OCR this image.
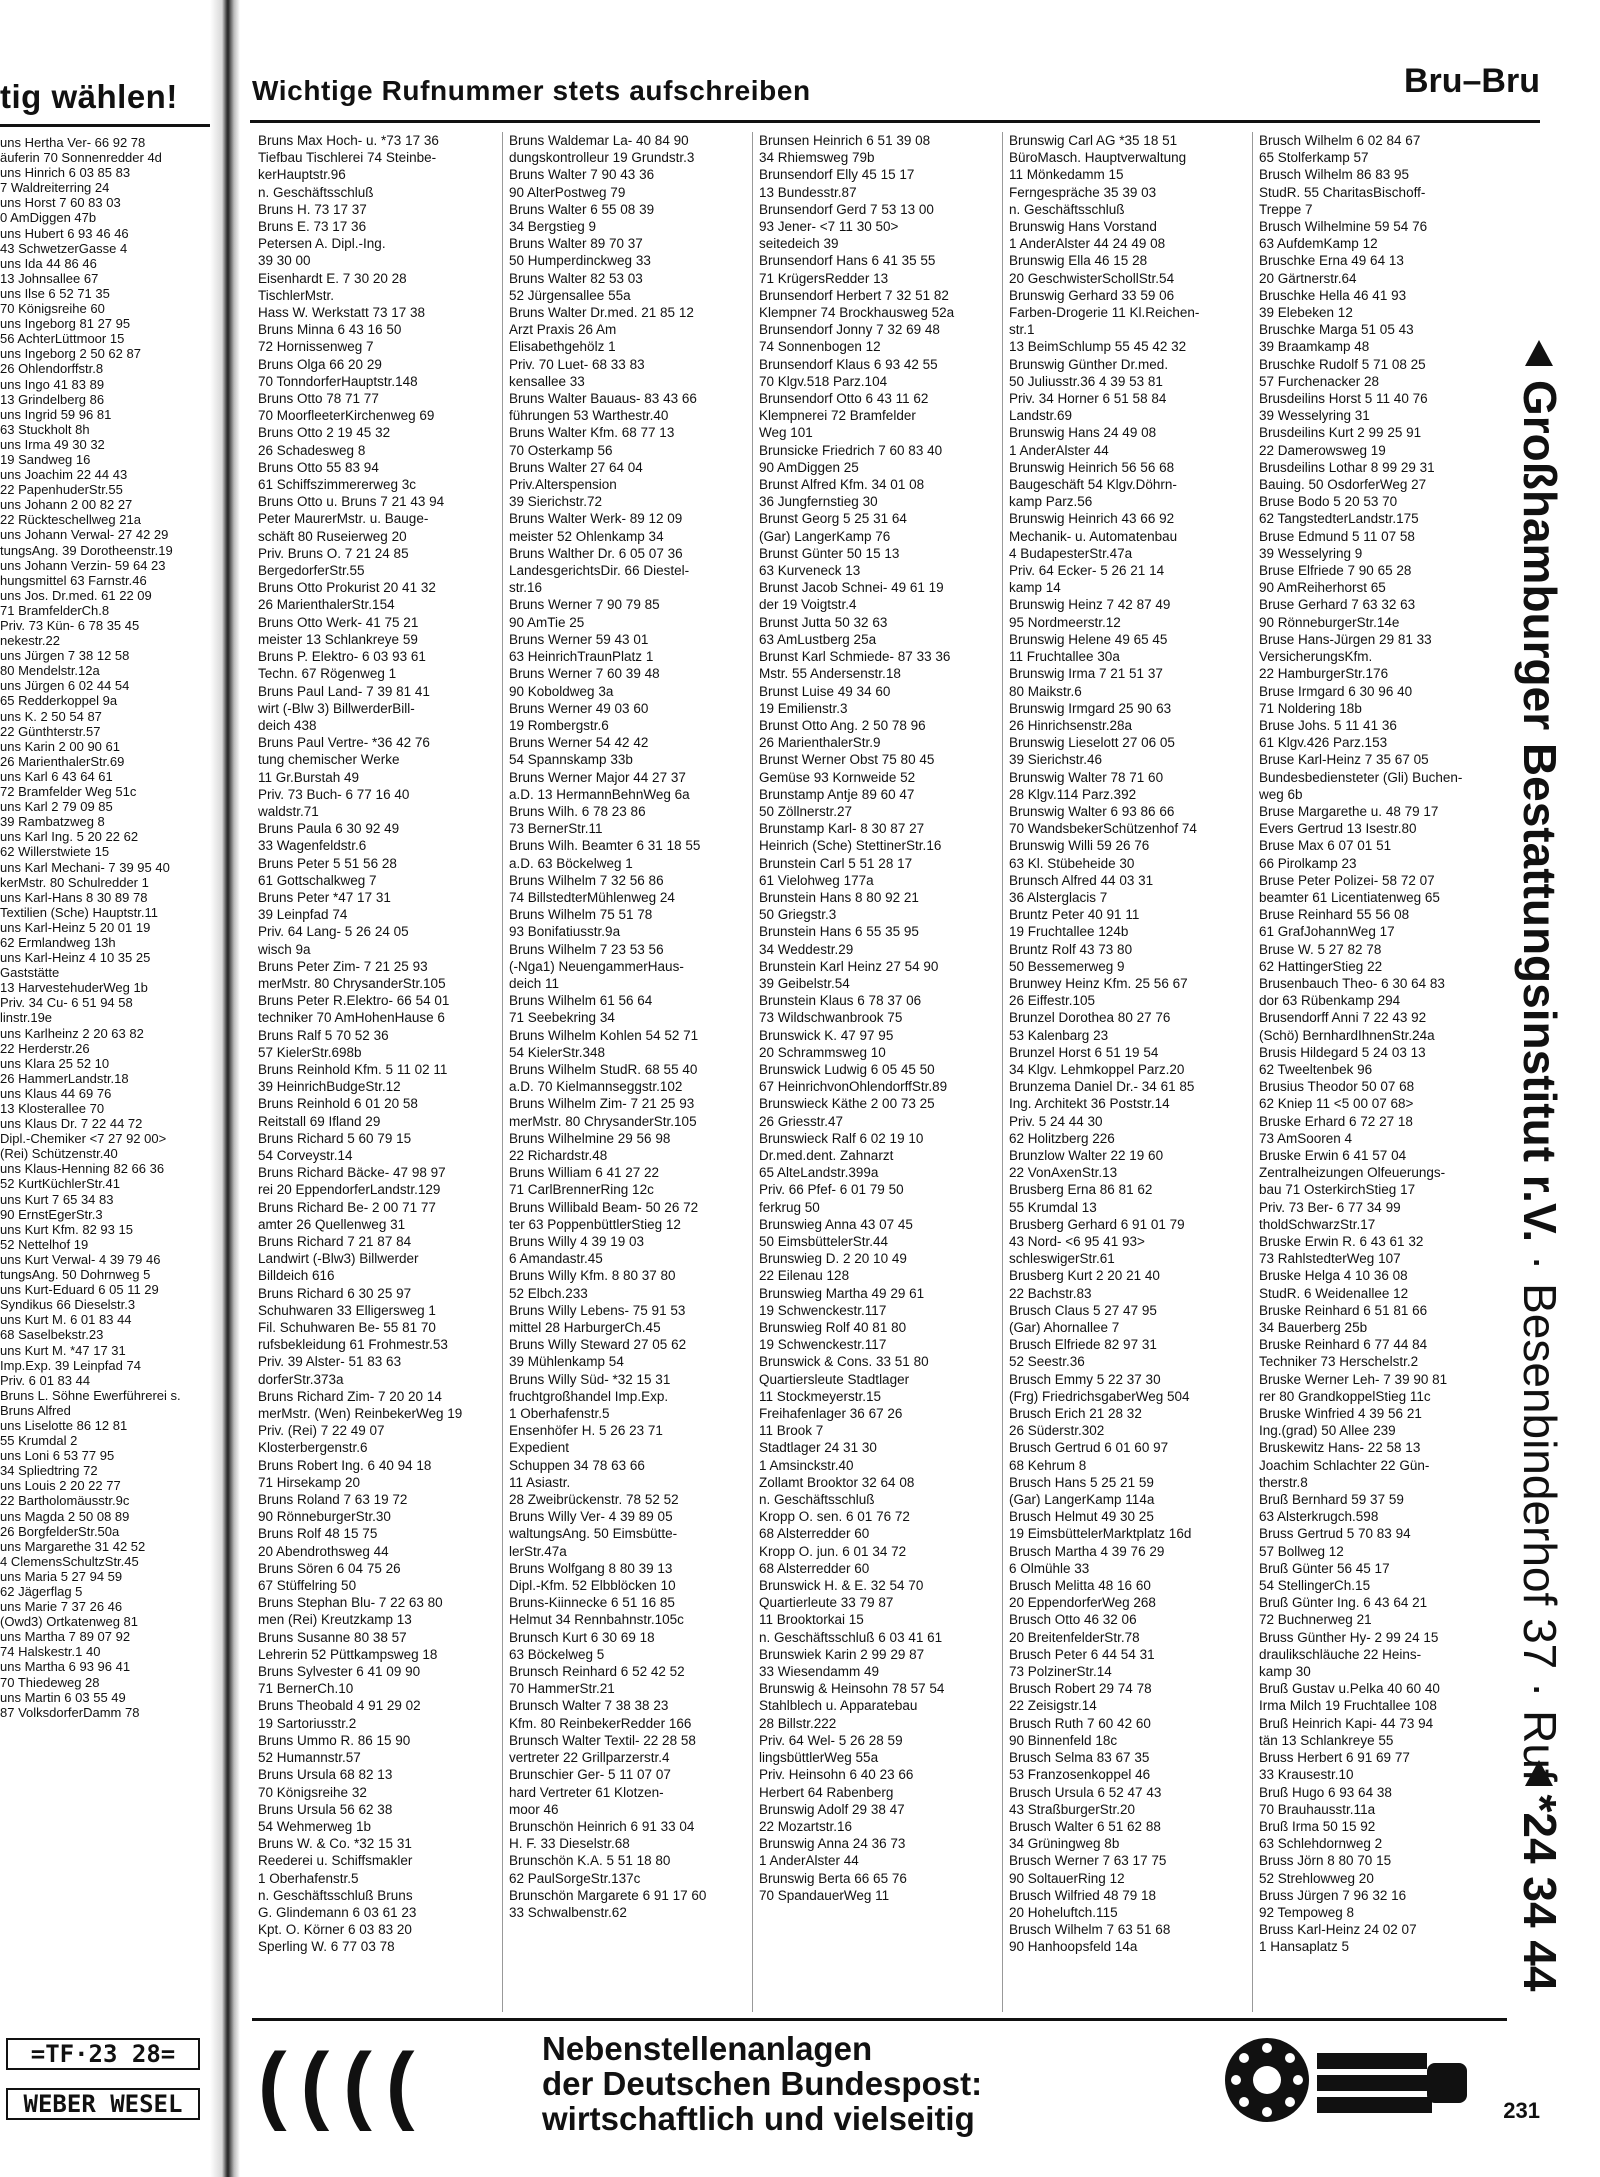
tig wählen!
uns Hertha Ver- 66 92 78
äuferin 70 Sonnenredder 4d
uns Hinrich 6 03 85 83
7 Waldreiterring 24
uns Horst 7 60 83 03
0 AmDiggen 47b
uns Hubert 6 93 46 46
43 SchwetzerGasse 4
uns Ida 44 86 46
13 Johnsallee 67
uns Ilse 6 52 71 35
70 Königsreihe 60
uns Ingeborg 81 27 95
56 AchterLüttmoor 15
uns Ingeborg 2 50 62 87
26 Ohlendorffstr.8
uns Ingo 41 83 89
13 Grindelberg 86
uns Ingrid 59 96 81
63 Stuckholt 8h
uns Irma 49 30 32
19 Sandweg 16
uns Joachim 22 44 43
22 PapenhuderStr.55
uns Johann 2 00 82 27
22 Rückteschellweg 21a
uns Johann Verwal- 27 42 29
tungsAng. 39 Dorotheenstr.19
uns Johann Verzin- 59 64 23
hungsmittel 63 Farnstr.46
uns Jos. Dr.med. 61 22 09
71 BramfelderCh.8
Priv. 73 Kün- 6 78 35 45
nekestr.22
uns Jürgen 7 38 12 58
80 Mendelstr.12a
uns Jürgen 6 02 44 54
65 Redderkoppel 9a
uns K. 2 50 54 87
22 Günthterstr.57
uns Karin 2 00 90 61
26 MarienthalerStr.69
uns Karl 6 43 64 61
72 Bramfelder Weg 51c
uns Karl 2 79 09 85
39 Rambatzweg 8
uns Karl Ing. 5 20 22 62
62 Willerstwiete 15
uns Karl Mechani- 7 39 95 40
kerMstr. 80 Schulredder 1
uns Karl-Hans 8 30 89 78
Textilien (Sche) Hauptstr.11
uns Karl-Heinz 5 20 01 19
62 Ermlandweg 13h
uns Karl-Heinz 4 10 35 25
Gaststätte
13 HarvestehuderWeg 1b
Priv. 34 Cu- 6 51 94 58
linstr.19e
uns Karlheinz 2 20 63 82
22 Herderstr.26
uns Klara 25 52 10
26 HammerLandstr.18
uns Klaus 44 69 76
13 Klosterallee 70
uns Klaus Dr. 7 22 44 72
Dipl.-Chemiker <7 27 92 00>
(Rei) Schützenstr.40
uns Klaus-Henning 82 66 36
52 KurtKüchlerStr.41
uns Kurt 7 65 34 83
90 ErnstEgerStr.3
uns Kurt Kfm. 82 93 15
52 Nettelhof 19
uns Kurt Verwal- 4 39 79 46
tungsAng. 50 Dohrnweg 5
uns Kurt-Eduard 6 05 11 29
Syndikus 66 Dieselstr.3
uns Kurt M. 6 01 83 44
68 Saselbekstr.23
uns Kurt M. *47 17 31
Imp.Exp. 39 Leinpfad 74
Priv. 6 01 83 44
Bruns L. Söhne Ewerführerei s.
Bruns Alfred
uns Liselotte 86 12 81
55 Krumdal 2
uns Loni 6 53 77 95
34 Spliedtring 72
uns Louis 2 20 22 77
22 Bartholomäusstr.9c
uns Magda 2 50 08 89
26 BorgfelderStr.50a
uns Margarethe 31 42 52
4 ClemensSchultzStr.45
uns Maria 5 27 94 59
62 Jägerflag 5
uns Marie 7 37 26 46
(Owd3) Ortkatenweg 81
uns Martha 7 89 07 92
74 Halskestr.1 40
uns Martha 6 93 96 41
70 Thiedeweg 28
uns Martin 6 03 55 49
87 VolksdorferDamm 78
=TF·23 28=
WEBER WESEL
Wichtige Rufnummer stets aufschreiben	Bru–Bru
Bruns Max Hoch- u. *73 17 36
Tiefbau Tischlerei 74 Steinbe-
kerHauptstr.96
n. Geschäftsschluß
Bruns H. 73 17 37
Bruns E. 73 17 36
Petersen A. Dipl.-Ing.
39 30 00
Eisenhardt E. 7 30 20 28
TischlerMstr.
Hass W. Werkstatt 73 17 38
Bruns Minna 6 43 16 50
72 Hornissenweg 7
Bruns Olga 66 20 29
70 TonndorferHauptstr.148
Bruns Otto 78 71 77
70 MoorfleeterKirchenweg 69
Bruns Otto 2 19 45 32
26 Schadesweg 8
Bruns Otto 55 83 94
61 Schiffszimmererweg 3c
Bruns Otto u. Bruns 7 21 43 94
Peter MaurerMstr. u. Bauge-
schäft 80 Ruseierweg 20
Priv. Bruns O. 7 21 24 85
BergedorferStr.55
Bruns Otto Prokurist 20 41 32
26 MarienthalerStr.154
Bruns Otto Werk- 41 75 21
meister 13 Schlankreye 59
Bruns P. Elektro- 6 03 93 61
Techn. 67 Rögenweg 1
Bruns Paul Land- 7 39 81 41
wirt (-Blw 3) BillwerderBill-
deich 438
Bruns Paul Vertre- *36 42 76
tung chemischer Werke
11 Gr.Burstah 49
Priv. 73 Buch- 6 77 16 40
waldstr.71
Bruns Paula 6 30 92 49
33 Wagenfeldstr.6
Bruns Peter 5 51 56 28
61 Gottschalkweg 7
Bruns Peter *47 17 31
39 Leinpfad 74
Priv. 64 Lang- 5 26 24 05
wisch 9a
Bruns Peter Zim- 7 21 25 93
merMstr. 80 ChrysanderStr.105
Bruns Peter R.Elektro- 66 54 01
techniker 70 AmHohenHause 6
Bruns Ralf 5 70 52 36
57 KielerStr.698b
Bruns Reinhold Kfm. 5 11 02 11
39 HeinrichBudgeStr.12
Bruns Reinhold 6 01 20 58
Reitstall 69 Ifland 29
Bruns Richard 5 60 79 15
54 Corveystr.14
Bruns Richard Bäcke- 47 98 97
rei 20 EppendorferLandstr.129
Bruns Richard Be- 2 00 71 77
amter 26 Quellenweg 31
Bruns Richard 7 21 87 84
Landwirt (-Blw3) Billwerder
Billdeich 616
Bruns Richard 6 30 25 97
Schuhwaren 33 Elligersweg 1
Fil. Schuhwaren Be- 55 81 70
rufsbekleidung 61 Frohmestr.53
Priv. 39 Alster- 51 83 63
dorferStr.373a
Bruns Richard Zim- 7 20 20 14
merMstr. (Wen) ReinbekerWeg 19
Priv. (Rei) 7 22 49 07
Klosterbergenstr.6
Bruns Robert Ing. 6 40 94 18
71 Hirsekamp 20
Bruns Roland 7 63 19 72
90 RönneburgerStr.30
Bruns Rolf 48 15 75
20 Abendrothsweg 44
Bruns Sören 6 04 75 26
67 Stüffelring 50
Bruns Stephan Blu- 7 22 63 80
men (Rei) Kreutzkamp 13
Bruns Susanne 80 38 57
Lehrerin 52 Püttkampsweg 18
Bruns Sylvester 6 41 09 90
71 BernerCh.10
Bruns Theobald 4 91 29 02
19 Sartoriusstr.2
Bruns Ummo R. 86 15 90
52 Humannstr.57
Bruns Ursula 68 82 13
70 Königsreihe 32
Bruns Ursula 56 62 38
54 Wehmerweg 1b
Bruns W. & Co. *32 15 31
Reederei u. Schiffsmakler
1 Oberhafenstr.5
n. Geschäftsschluß Bruns
G. Glindemann 6 03 61 23
Kpt. O. Körner 6 03 83 20
Sperling W. 6 77 03 78
Bruns Waldemar La- 40 84 90
dungskontrolleur 19 Grundstr.3
Bruns Walter 7 90 43 36
90 AlterPostweg 79
Bruns Walter 6 55 08 39
34 Bergstieg 9
Bruns Walter 89 70 37
50 Humperdinckweg 33
Bruns Walter 82 53 03
52 Jürgensallee 55a
Bruns Walter Dr.med. 21 85 12
Arzt Praxis 26 Am
Elisabethgehölz 1
Priv. 70 Luet- 68 33 83
kensallee 33
Bruns Walter Bauaus- 83 43 66
führungen 53 Warthestr.40
Bruns Walter Kfm. 68 77 13
70 Osterkamp 56
Bruns Walter 27 64 04
Priv.Alterspension
39 Sierichstr.72
Bruns Walter Werk- 89 12 09
meister 52 Ohlenkamp 34
Bruns Walther Dr. 6 05 07 36
LandesgerichtsDir. 66 Diestel-
str.16
Bruns Werner 7 90 79 85
90 AmTie 25
Bruns Werner 59 43 01
63 HeinrichTraunPlatz 1
Bruns Werner 7 60 39 48
90 Koboldweg 3a
Bruns Werner 49 03 60
19 Rombergstr.6
Bruns Werner 54 42 42
54 Spannskamp 33b
Bruns Werner Major 44 27 37
a.D. 13 HermannBehnWeg 6a
Bruns Wilh. 6 78 23 86
73 BernerStr.11
Bruns Wilh. Beamter 6 31 18 55
a.D. 63 Böckelweg 1
Bruns Wilhelm 7 32 56 86
74 BillstedterMühlenweg 24
Bruns Wilhelm 75 51 78
93 Bonifatiusstr.9a
Bruns Wilhelm 7 23 53 56
(-Nga1) NeuengammerHaus-
deich 11
Bruns Wilhelm 61 56 64
71 Seebekring 34
Bruns Wilhelm Kohlen 54 52 71
54 KielerStr.348
Bruns Wilhelm StudR. 68 55 40
a.D. 70 Kielmannseggstr.102
Bruns Wilhelm Zim- 7 21 25 93
merMstr. 80 ChrysanderStr.105
Bruns Wilhelmine 29 56 98
22 Richardstr.48
Bruns William 6 41 27 22
71 CarlBrennerRing 12c
Bruns Willibald Beam- 50 26 72
ter 63 PoppenbüttlerStieg 12
Bruns Willy 4 39 19 03
6 Amandastr.45
Bruns Willy Kfm. 8 80 37 80
52 Elbch.233
Bruns Willy Lebens- 75 91 53
mittel 28 HarburgerCh.45
Bruns Willy Steward 27 05 62
39 Mühlenkamp 54
Bruns Willy Süd- *32 15 31
fruchtgroßhandel Imp.Exp.
1 Oberhafenstr.5
Ensenhöfer H. 5 26 23 71
Expedient
Schuppen 34 78 63 66
11 Asiastr.
28 Zweibrückenstr. 78 52 52
Bruns Willy Ver- 4 39 89 05
waltungsAng. 50 Eimsbütte-
lerStr.47a
Bruns Wolfgang 8 80 39 13
Dipl.-Kfm. 52 Elbblöcken 10
Bruns-Kiinnecke 6 51 16 85
Helmut 34 Rennbahnstr.105c
Brunsch Kurt 6 30 69 18
63 Böckelweg 5
Brunsch Reinhard 6 52 42 52
70 HammerStr.21
Brunsch Walter 7 38 38 23
Kfm. 80 ReinbekerRedder 166
Brunsch Walter Textil- 22 28 58
vertreter 22 Grillparzerstr.4
Brunschier Ger- 5 11 07 07
hard Vertreter 61 Klotzen-
moor 46
Brunschön Heinrich 6 91 33 04
H. F. 33 Dieselstr.68
Brunschön K.A. 5 51 18 80
62 PaulSorgeStr.137c
Brunschön Margarete 6 91 17 60
33 Schwalbenstr.62
Brunsen Heinrich 6 51 39 08
34 Rhiemsweg 79b
Brunsendorf Elly 45 15 17
13 Bundesstr.87
Brunsendorf Gerd 7 53 13 00
93 Jener- <7 11 30 50>
seitedeich 39
Brunsendorf Hans 6 41 35 55
71 KrügersRedder 13
Brunsendorf Herbert 7 32 51 82
Klempner 74 Brockhausweg 52a
Brunsendorf Jonny 7 32 69 48
74 Sonnenbogen 12
Brunsendorf Klaus 6 93 42 55
70 Klgv.518 Parz.104
Brunsendorf Otto 6 43 11 62
Klempnerei 72 Bramfelder
Weg 101
Brunsicke Friedrich 7 60 83 40
90 AmDiggen 25
Brunst Alfred Kfm. 34 01 08
36 Jungfernstieg 30
Brunst Georg 5 25 31 64
(Gar) LangerKamp 76
Brunst Günter 50 15 13
63 Kurveneck 13
Brunst Jacob Schnei- 49 61 19
der 19 Voigtstr.4
Brunst Jutta 50 32 63
63 AmLustberg 25a
Brunst Karl Schmiede- 87 33 36
Mstr. 55 Andersenstr.18
Brunst Luise 49 34 60
19 Emilienstr.3
Brunst Otto Ang. 2 50 78 96
26 MarienthalerStr.9
Brunst Werner Obst 75 80 45
Gemüse 93 Kornweide 52
Brunstamp Antje 89 60 47
50 Zöllnerstr.27
Brunstamp Karl- 8 30 87 27
Heinrich (Sche) StettinerStr.16
Brunstein Carl 5 51 28 17
61 Vielohweg 177a
Brunstein Hans 8 80 92 21
50 Griegstr.3
Brunstein Hans 6 55 35 95
34 Weddestr.29
Brunstein Karl Heinz 27 54 90
39 Geibelstr.54
Brunstein Klaus 6 78 37 06
73 Wildschwanbrook 75
Brunswick K. 47 97 95
20 Schrammsweg 10
Brunswick Ludwig 6 05 45 50
67 HeinrichvonOhlendorffStr.89
Brunswieck Käthe 2 00 73 25
26 Griesstr.47
Brunswieck Ralf 6 02 19 10
Dr.med.dent. Zahnarzt
65 AlteLandstr.399a
Priv. 66 Pfef- 6 01 79 50
ferkrug 50
Brunswieg Anna 43 07 45
50 EimsbüttelerStr.44
Brunswieg D. 2 20 10 49
22 Eilenau 128
Brunswieg Martha 49 29 61
19 Schwenckestr.117
Brunswieg Rolf 40 81 80
19 Schwenckestr.117
Brunswick & Cons. 33 51 80
Quartiersleute Stadtlager
11 Stockmeyerstr.15
Freihafenlager 36 67 26
11 Brook 7
Stadtlager 24 31 30
1 Amsinckstr.40
Zollamt Brooktor 32 64 08
n. Geschäftsschluß
Kropp O. sen. 6 01 76 72
68 Alsterredder 60
Kropp O. jun. 6 01 34 72
68 Alsterredder 60
Brunswick H. & E. 32 54 70
Quartierleute 33 79 87
11 Brooktorkai 15
n. Geschäftsschluß 6 03 41 61
Brunswiek Karin 2 99 29 87
33 Wiesendamm 49
Brunswig & Heinsohn 78 57 54
Stahlblech u. Apparatebau
28 Billstr.222
Priv. 64 Wel- 5 26 28 59
lingsbüttlerWeg 55a
Priv. Heinsohn 6 40 23 66
Herbert 64 Rabenberg
Brunswig Adolf 29 38 47
22 Mozartstr.16
Brunswig Anna 24 36 73
1 AnderAlster 44
Brunswig Berta 66 65 76
70 SpandauerWeg 11
Brunswig Carl AG *35 18 51
BüroMasch. Hauptverwaltung
11 Mönkedamm 15
Ferngespräche 35 39 03
n. Geschäftsschluß
Brunswig Hans Vorstand
1 AnderAlster 44 24 49 08
Brunswig Ella 46 15 28
20 GeschwisterSchollStr.54
Brunswig Gerhard 33 59 06
Farben-Drogerie 11 Kl.Reichen-
str.1
13 BeimSchlump 55 45 42 32
Brunswig Günther Dr.med.
50 Juliusstr.36 4 39 53 81
Priv. 34 Horner 6 51 58 84
Landstr.69
Brunswig Hans 24 49 08
1 AnderAlster 44
Brunswig Heinrich 56 56 68
Baugeschäft 54 Klgv.Döhrn-
kamp Parz.56
Brunswig Heinrich 43 66 92
Mechanik- u. Automatenbau
4 BudapesterStr.47a
Priv. 64 Ecker- 5 26 21 14
kamp 14
Brunswig Heinz 7 42 87 49
95 Nordmeerstr.12
Brunswig Helene 49 65 45
11 Fruchtallee 30a
Brunswig Irma 7 21 51 37
80 Maikstr.6
Brunswig Irmgard 25 90 63
26 Hinrichsenstr.28a
Brunswig Lieselott 27 06 05
39 Sierichstr.46
Brunswig Walter 78 71 60
28 Klgv.114 Parz.392
Brunswig Walter 6 93 86 66
70 WandsbekerSchützenhof 74
Brunswig Willi 59 26 76
63 Kl. Stübeheide 30
Brunsch Alfred 44 03 31
36 Alsterglacis 7
Bruntz Peter 40 91 11
19 Fruchtallee 124b
Bruntz Rolf 43 73 80
50 Bessemerweg 9
Brunwey Heinz Kfm. 25 56 67
26 Eiffestr.105
Brunzel Dorothea 80 27 76
53 Kalenbarg 23
Brunzel Horst 6 51 19 54
34 Klgv. Lehmkoppel Parz.20
Brunzema Daniel Dr.- 34 61 85
Ing. Architekt 36 Poststr.14
Priv. 5 24 44 30
62 Holitzberg 226
Brunzlow Walter 22 19 60
22 VonAxenStr.13
Brusberg Erna 86 81 62
55 Krumdal 13
Brusberg Gerhard 6 91 01 79
43 Nord- <6 95 41 93>
schleswigerStr.61
Brusberg Kurt 2 20 21 40
22 Bachstr.83
Brusch Claus 5 27 47 95
(Gar) Ahornallee 7
Brusch Elfriede 82 97 31
52 Seestr.36
Brusch Emmy 5 22 37 30
(Frg) FriedrichsgaberWeg 504
Brusch Erich 21 28 32
26 Süderstr.302
Brusch Gertrud 6 01 60 97
68 Kehrum 8
Brusch Hans 5 25 21 59
(Gar) LangerKamp 114a
Brusch Helmut 49 30 25
19 EimsbüttelerMarktplatz 16d
Brusch Martha 4 39 76 29
6 Olmühle 33
Brusch Melitta 48 16 60
20 EppendorferWeg 268
Brusch Otto 46 32 06
20 BreitenfelderStr.78
Brusch Peter 6 44 54 31
73 PolzinerStr.14
Brusch Robert 29 74 78
22 Zeisigstr.14
Brusch Ruth 7 60 42 60
90 Binnenfeld 18c
Brusch Selma 83 67 35
53 Franzosenkoppel 46
Brusch Ursula 6 52 47 43
43 StraßburgerStr.20
Brusch Walter 6 51 62 88
34 Grüningweg 8b
Brusch Werner 7 63 17 75
90 SoltauerRing 12
Brusch Wilfried 48 79 18
20 Hoheluftch.115
Brusch Wilhelm 7 63 51 68
90 Hanhoopsfeld 14a
Brusch Wilhelm 6 02 84 67
65 Stolferkamp 57
Brusch Wilhelm 86 83 95
StudR. 55 CharitasBischoff-
Treppe 7
Brusch Wilhelmine 59 54 76
63 AufdemKamp 12
Bruschke Erna 49 64 13
20 Gärtnerstr.64
Bruschke Hella 46 41 93
39 Elebeken 12
Bruschke Marga 51 05 43
39 Braamkamp 48
Bruschke Rudolf 5 71 08 25
57 Furchenacker 28
Brusdeilins Horst 5 11 40 76
39 Wesselyring 31
Brusdeilins Kurt 2 99 25 91
22 Damerowsweg 19
Brusdeilins Lothar 8 99 29 31
Bauing. 50 OsdorferWeg 27
Bruse Bodo 5 20 53 70
62 TangstedterLandstr.175
Bruse Edmund 5 11 07 58
39 Wesselyring 9
Bruse Elfriede 7 90 65 28
90 AmReiherhorst 65
Bruse Gerhard 7 63 32 63
90 RönneburgerStr.14e
Bruse Hans-Jürgen 29 81 33
VersicherungsKfm.
22 HamburgerStr.176
Bruse Irmgard 6 30 96 40
71 Noldering 18b
Bruse Johs. 5 11 41 36
61 Klgv.426 Parz.153
Bruse Karl-Heinz 7 35 67 05
Bundesbediensteter (Gli) Buchen-
weg 6b
Bruse Margarethe u. 48 79 17
Evers Gertrud 13 Isestr.80
Bruse Max 6 07 01 51
66 Pirolkamp 23
Bruse Peter Polizei- 58 72 07
beamter 61 Licentiatenweg 65
Bruse Reinhard 55 56 08
61 GrafJohannWeg 17
Bruse W. 5 27 82 78
62 HattingerStieg 22
Brusenbauch Theo- 6 30 64 83
dor 63 Rübenkamp 294
Brusendorff Anni 7 22 43 92
(Schö) BernhardIhnenStr.24a
Brusis Hildegard 5 24 03 13
62 Tweeltenbek 96
Brusius Theodor 50 07 68
62 Kniep 11 <5 00 07 68>
Bruske Erhard 6 72 27 18
73 AmSooren 4
Bruske Erwin 6 41 57 04
Zentralheizungen Olfeuerungs-
bau 71 OsterkirchStieg 17
Priv. 73 Ber- 6 77 34 99
tholdSchwarzStr.17
Bruske Erwin R. 6 43 61 32
73 RahlstedterWeg 107
Bruske Helga 4 10 36 08
StudR. 6 Weidenallee 12
Bruske Reinhard 6 51 81 66
34 Bauerberg 25b
Bruske Reinhard 6 77 44 84
Techniker 73 Herschelstr.2
Bruske Werner Leh- 7 39 90 81
rer 80 GrandkoppelStieg 11c
Bruske Winfried 4 39 56 21
Ing.(grad) 50 Allee 239
Bruskewitz Hans- 22 58 13
Joachim Schlachter 22 Gün-
therstr.8
Bruß Bernhard 59 37 59
63 Alsterkrugch.598
Bruss Gertrud 5 70 83 94
57 Bollweg 12
Bruß Günter 56 45 17
54 StellingerCh.15
Bruß Günter Ing. 6 43 64 21
72 Buchnerweg 21
Bruss Günther Hy- 2 99 24 15
draulikschläuche 22 Heins-
kamp 30
Bruß Gustav u.Pelka 40 60 40
Irma Milch 19 Fruchtallee 108
Bruß Heinrich Kapi- 44 73 94
tän 13 Schlankreye 55
Bruss Herbert 6 91 69 77
33 Krausestr.10
Bruß Hugo 6 93 64 38
70 Brauhausstr.11a
Bruß Irma 50 15 92
63 Schlehdornweg 2
Bruss Jörn 8 80 70 15
52 Strehlowweg 20
Bruss Jürgen 7 96 32 16
92 Tempoweg 8
Bruss Karl-Heinz 24 02 07
1 Hansaplatz 5
Großhamburger Bestattungsinstitut r.V. · Besenbinderhof 37 · Ruf *24 34 44
((((	Nebenstellenanlagen
der Deutschen Bundespost:
wirtschaftlich und vielseitig	231
